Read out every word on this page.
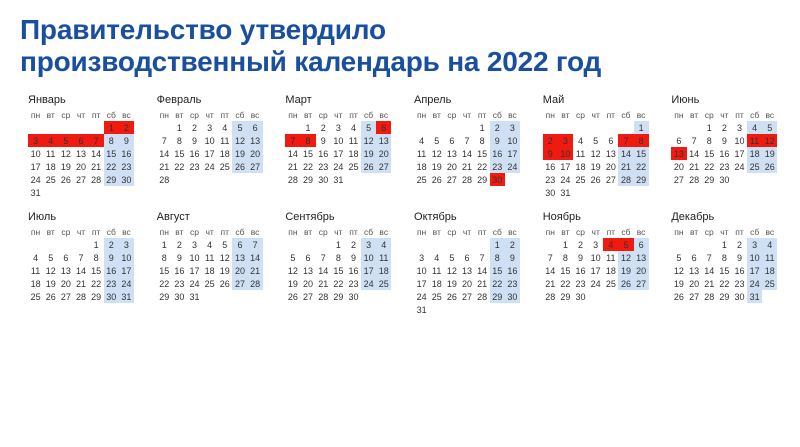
Правительство утвердило
производственный календарь на 2022 год
Январь
пн	вт	ср	чт	пт	сб	вс
					1	2
3	4	5	6	7	8	9
10	11	12	13	14	15	16
17	18	19	20	21	22	23
24	25	26	27	28	29	30
31						
Февраль
пн	вт	ср	чт	пт	сб	вс
	1	2	3	4	5	6
7	8	9	10	11	12	13
14	15	16	17	18	19	20
21	22	23	24	25	26	27
28						
Март
пн	вт	ср	чт	пт	сб	вс
	1	2	3	4	5	6
7	8	9	10	11	12	13
14	15	16	17	18	19	20
21	22	23	24	25	26	27
28	29	30	31			
Апрель
пн	вт	ср	чт	пт	сб	вс
				1	2	3
4	5	6	7	8	9	10
11	12	13	14	15	16	17
18	19	20	21	22	23	24
25	26	27	28	29	30	
Май
пн	вт	ср	чт	пт	сб	вс
						1
2	3	4	5	6	7	8
9	10	11	12	13	14	15
16	17	18	19	20	21	22
23	24	25	26	27	28	29
30	31					
Июнь
пн	вт	ср	чт	пт	сб	вс
		1	2	3	4	5
6	7	8	9	10	11	12
13	14	15	16	17	18	19
20	21	22	23	24	25	26
27	28	29	30			
Июль
пн	вт	ср	чт	пт	сб	вс
				1	2	3
4	5	6	7	8	9	10
11	12	13	14	15	16	17
18	19	20	21	22	23	24
25	26	27	28	29	30	31
Август
пн	вт	ср	чт	пт	сб	вс
1	2	3	4	5	6	7
8	9	10	11	12	13	14
15	16	17	18	19	20	21
22	23	24	25	26	27	28
29	30	31				
Сентябрь
пн	вт	ср	чт	пт	сб	вс
			1	2	3	4
5	6	7	8	9	10	11
12	13	14	15	16	17	18
19	20	21	22	23	24	25
26	27	28	29	30		
Октябрь
пн	вт	ср	чт	пт	сб	вс
					1	2
3	4	5	6	7	8	9
10	11	12	13	14	15	16
17	18	19	20	21	22	23
24	25	26	27	28	29	30
31						
Ноябрь
пн	вт	ср	чт	пт	сб	вс
	1	2	3	4	5	6
7	8	9	10	11	12	13
14	15	16	17	18	19	20
21	22	23	24	25	26	27
28	29	30				
Декабрь
пн	вт	ср	чт	пт	сб	вс
			1	2	3	4
5	6	7	8	9	10	11
12	13	14	15	16	17	18
19	20	21	22	23	24	25
26	27	28	29	30	31	
